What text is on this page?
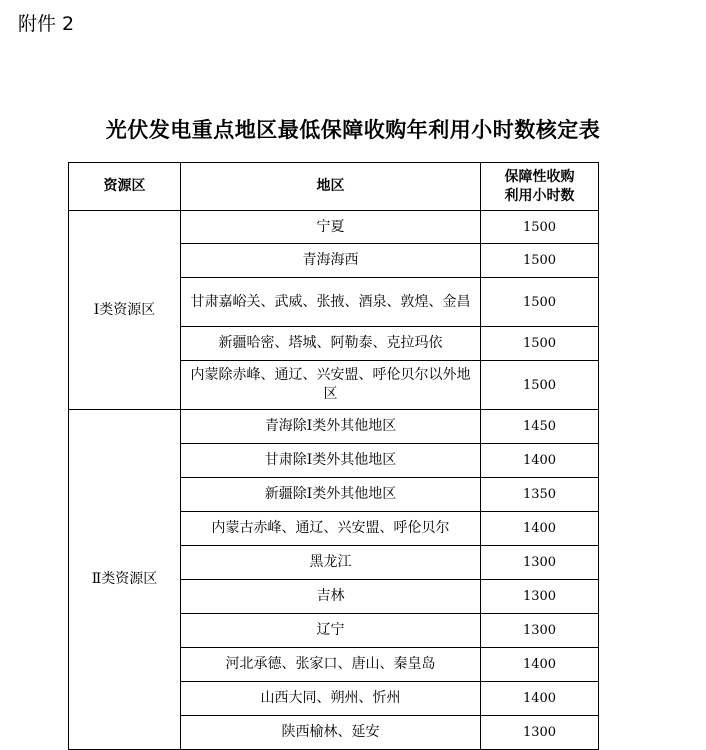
附件 2
光伏发电重点地区最低保障收购年利用小时数核定表
资源区	地区	保障性收购
利用小时数

Ⅰ类资源区	宁夏	1500
	青海海西	1500
	甘肃嘉峪关、武威、张掖、酒泉、敦煌、金昌	1500
	新疆哈密、塔城、阿勒泰、克拉玛依	1500
	内蒙除赤峰、通辽、兴安盟、呼伦贝尔以外地区	1500
Ⅱ类资源区	青海除Ⅰ类外其他地区	1450
	甘肃除Ⅰ类外其他地区	1400
	新疆除Ⅰ类外其他地区	1350
	内蒙古赤峰、通辽、兴安盟、呼伦贝尔	1400
	黑龙江	1300
	吉林	1300
	辽宁	1300
	河北承德、张家口、唐山、秦皇岛	1400
	山西大同、朔州、忻州	1400
	陕西榆林、延安	1300
